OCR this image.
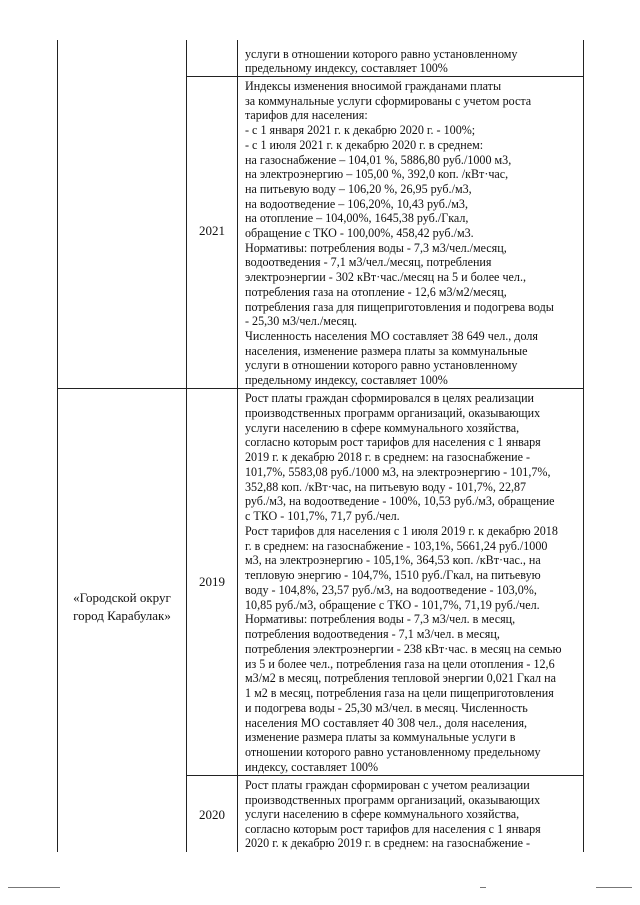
«Городской округ
город Карабулак»
2021
2019
2020
услуги в отношении которого равно установленному
предельному индексу, составляет 100%
Индексы изменения вносимой гражданами платы
за коммунальные услуги сформированы с учетом роста
тарифов для населения:
- с 1 января 2021 г. к декабрю 2020 г. - 100%;
- с 1 июля 2021 г. к декабрю 2020 г. в среднем:
на газоснабжение – 104,01 %, 5886,80 руб./1000 м3,
на электроэнергию – 105,00 %, 392,0 коп. /кВт·час,
на питьевую воду – 106,20 %, 26,95 руб./м3,
на водоотведение – 106,20%, 10,43 руб./м3,
на отопление – 104,00%, 1645,38 руб./Гкал,
обращение с ТКО - 100,00%, 458,42 руб./м3.
Нормативы: потребления воды - 7,3 м3/чел./месяц,
водоотведения - 7,1 м3/чел./месяц, потребления
электроэнергии - 302 кВт·час./месяц на 5 и более чел.,
потребления газа на отопление - 12,6 м3/м2/месяц,
потребления газа для пищеприготовления и подогрева воды
- 25,30 м3/чел./месяц.
Численность населения МО составляет 38 649 чел., доля
населения, изменение размера платы за коммунальные
услуги в отношении которого равно установленному
предельному индексу, составляет 100%
Рост платы граждан сформировался в целях реализации
производственных программ организаций, оказывающих
услуги населению в сфере коммунального хозяйства,
согласно которым рост тарифов для населения с 1 января
2019 г. к декабрю 2018 г. в среднем: на газоснабжение -
101,7%, 5583,08 руб./1000 м3, на электроэнергию - 101,7%,
352,88 коп. /кВт·час, на питьевую воду - 101,7%, 22,87
руб./м3, на водоотведение - 100%, 10,53 руб./м3, обращение
с ТКО - 101,7%, 71,7 руб./чел.
Рост тарифов для населения с 1 июля 2019 г. к декабрю 2018
г. в среднем: на газоснабжение - 103,1%, 5661,24 руб./1000
м3, на электроэнергию - 105,1%, 364,53 коп. /кВт·час., на
тепловую энергию - 104,7%, 1510 руб./Гкал, на питьевую
воду - 104,8%, 23,57 руб./м3, на водоотведение - 103,0%,
10,85 руб./м3, обращение с ТКО - 101,7%, 71,19 руб./чел.
Нормативы: потребления воды - 7,3 м3/чел. в месяц,
потребления водоотведения - 7,1 м3/чел. в месяц,
потребления электроэнергии - 238 кВт·час. в месяц на семью
из 5 и более чел., потребления газа на цели отопления - 12,6
м3/м2 в месяц, потребления тепловой энергии 0,021 Гкал на
1 м2 в месяц, потребления газа на цели пищеприготовления
и подогрева воды - 25,30 м3/чел. в месяц. Численность
населения МО составляет 40 308 чел., доля населения,
изменение размера платы за коммунальные услуги в
отношении которого равно установленному предельному
индексу, составляет 100%
Рост платы граждан сформирован с учетом реализации
производственных программ организаций, оказывающих
услуги населению в сфере коммунального хозяйства,
согласно которым рост тарифов для населения с 1 января
2020 г. к декабрю 2019 г. в среднем: на газоснабжение -
